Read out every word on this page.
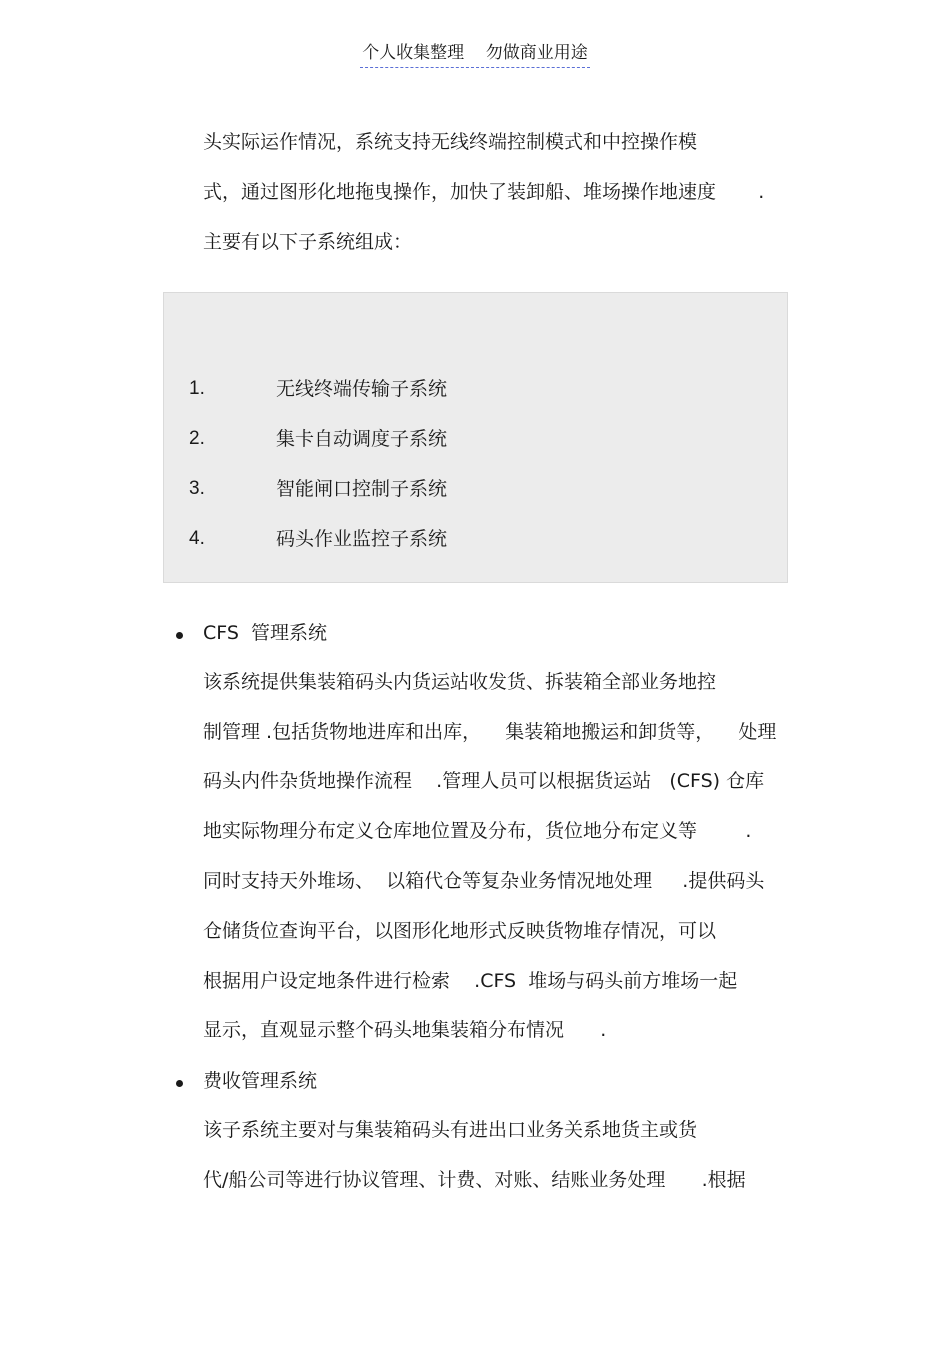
个人收集整理    勿做商业用途
头实际运作情况，系统支持无线终端控制模式和中控操作模
式，通过图形化地拖曳操作，加快了装卸船、堆场操作地速度       .
主要有以下子系统组成：
1.	无线终端传输子系统
2.	集卡自动调度子系统
3.	智能闸口控制子系统
4.	码头作业监控子系统
CFS  管理系统
该系统提供集装箱码头内货运站收发货、拆装箱全部业务地控
制管理 .包括货物地进库和出库，    集装箱地搬运和卸货等，    处理
码头内件杂货地操作流程    .管理人员可以根据货运站   (CFS) 仓库
地实际物理分布定义仓库地位置及分布，货位地分布定义等        .
同时支持天外堆场、  以箱代仓等复杂业务情况地处理     .提供码头
仓储货位查询平台，以图形化地形式反映货物堆存情况，可以
根据用户设定地条件进行检索    .CFS  堆场与码头前方堆场一起
显示，直观显示整个码头地集装箱分布情况      .
费收管理系统
该子系统主要对与集装箱码头有进出口业务关系地货主或货
代/船公司等进行协议管理、计费、对账、结账业务处理      .根据
